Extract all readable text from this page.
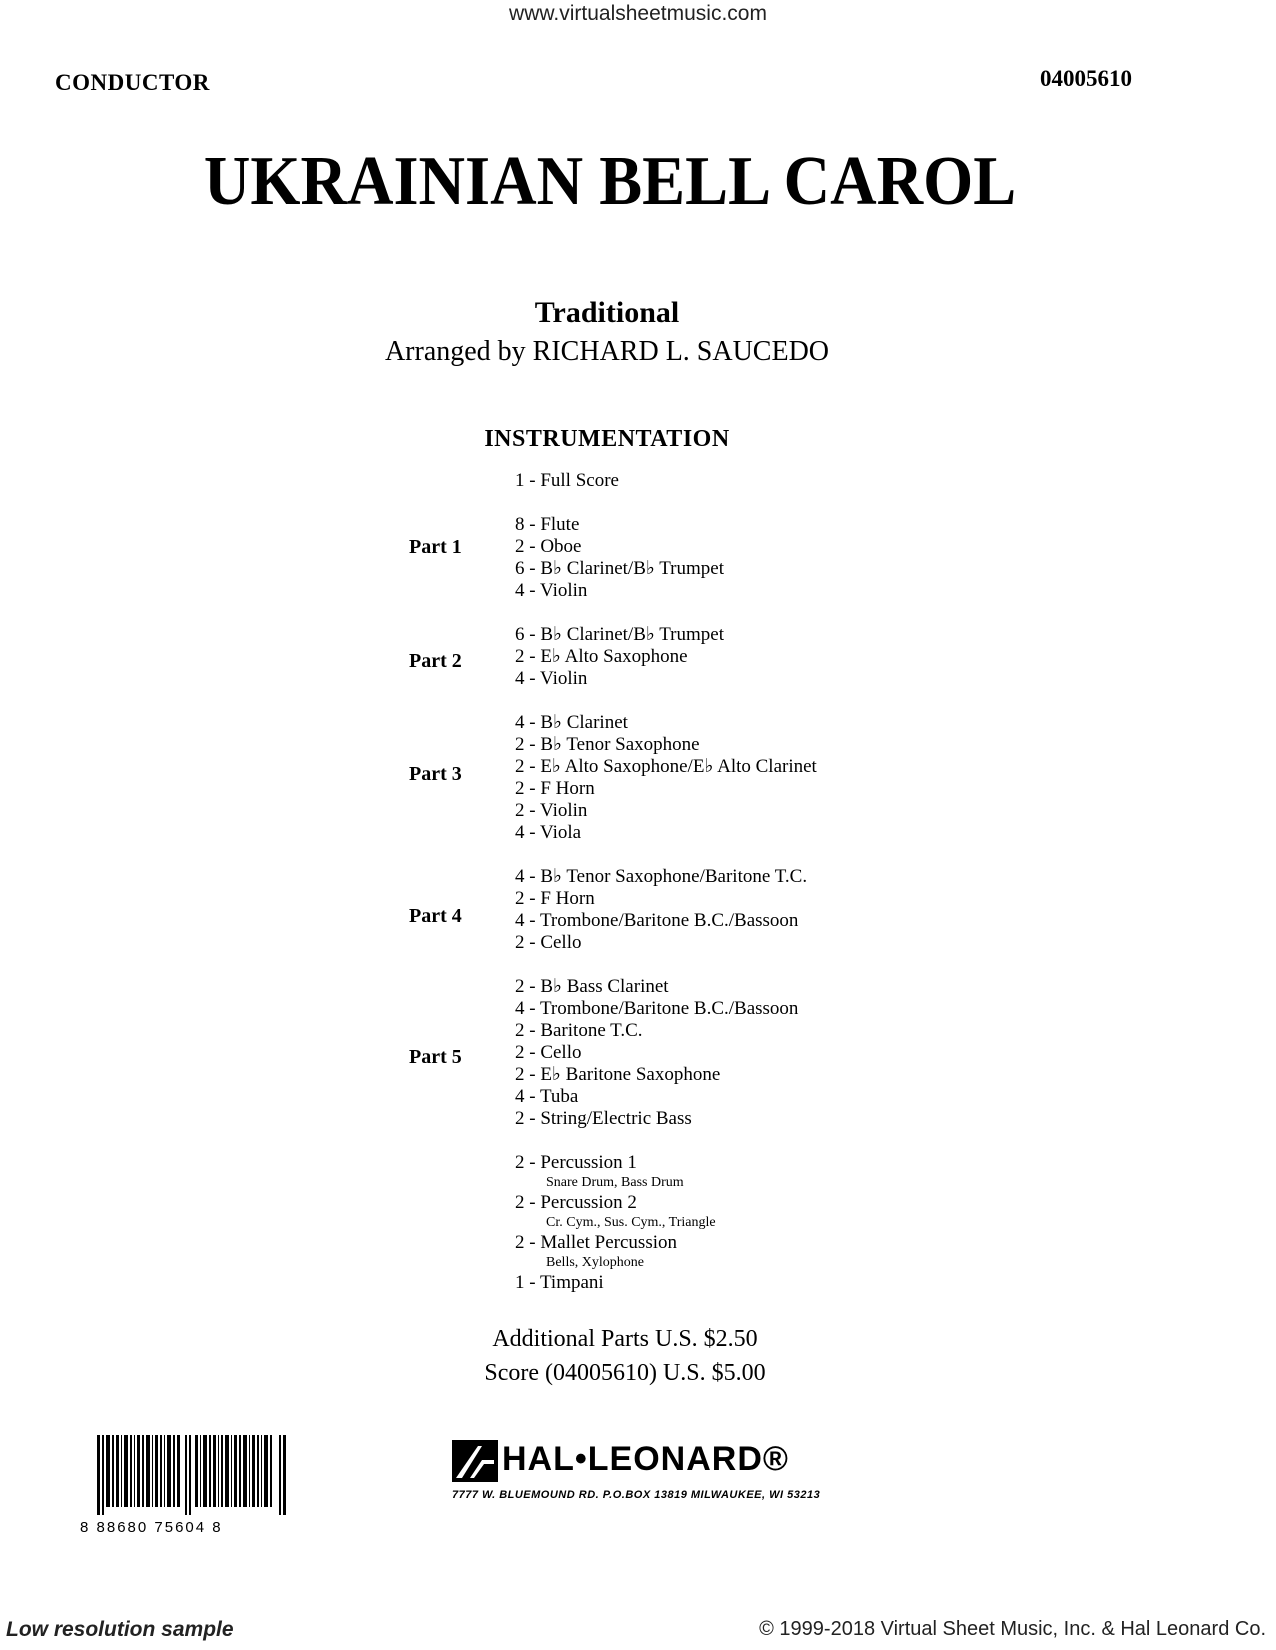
www.virtualsheetmusic.com
CONDUCTOR	04005610
UKRAINIAN BELL CAROL
Traditional
Arranged by RICHARD L. SAUCEDO
INSTRUMENTATION
Part 1
Part 2
Part 3
Part 4
Part 5
1 - Full Score
8 - Flute
2 - Oboe
6 - B♭ Clarinet/B♭ Trumpet
4 - Violin
6 - B♭ Clarinet/B♭ Trumpet
2 - E♭ Alto Saxophone
4 - Violin
4 - B♭ Clarinet
2 - B♭ Tenor Saxophone
2 - E♭ Alto Saxophone/E♭ Alto Clarinet
2 - F Horn
2 - Violin
4 - Viola
4 - B♭ Tenor Saxophone/Baritone T.C.
2 - F Horn
4 - Trombone/Baritone B.C./Bassoon
2 - Cello
2 - B♭ Bass Clarinet
4 - Trombone/Baritone B.C./Bassoon
2 - Baritone T.C.
2 - Cello
2 - E♭ Baritone Saxophone
4 - Tuba
2 - String/Electric Bass
2 - Percussion 1
Snare Drum, Bass Drum
2 - Percussion 2
Cr. Cym., Sus. Cym., Triangle
2 - Mallet Percussion
Bells, Xylophone
1 - Timpani
Additional Parts U.S. $2.50
Score (04005610) U.S. $5.00
8 88680 75604 8
HAL•LEONARD®
7777 W. BLUEMOUND RD. P.O.BOX 13819 MILWAUKEE, WI 53213
Low resolution sample	© 1999-2018 Virtual Sheet Music, Inc. & Hal Leonard Co.
